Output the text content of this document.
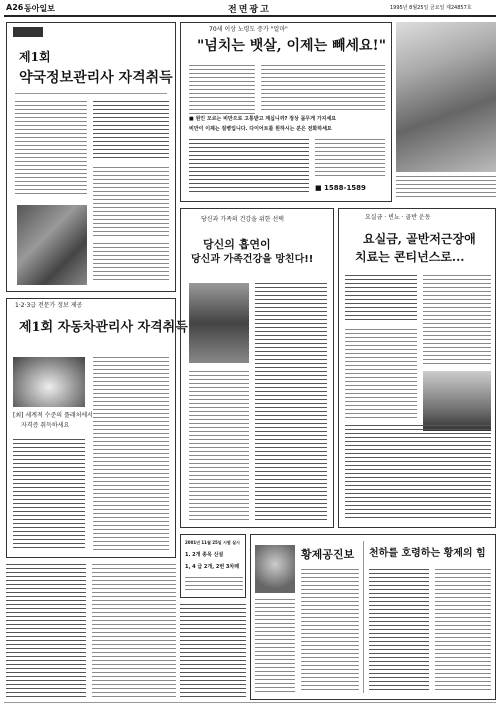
A26 동아일보	전면광고	1995년 8월25일 금요일 제24857호
제1회
약국정보관리사 자격취득
1·2·3급 전문가 정보 제공
제1회 자동차관리사 자격취득
[최] 세계적 수준의 플래처에서
자격증 취득하세요
70세 이상 노령도 증가 "얼마"
"넘치는 뱃살, 이제는 빼세요!"
■ 원인 모르는 비만으로 고통받고 계십니까? 정상 몸무게 가지세요
비만이 이제는 질병입니다. 다이어트를 원하시는 분은 전화하세요
■ 1588-1589
당신과 가족의 건강을 위한 선택
당신의 흡연이
당신과 가족건강을 망친다!!
요실금 · 빈뇨 · 골반 운동
요실금, 골반저근장애
치료는 콘티넌스로...
2001년 11월 25일 시험 실시
1. 2개 종목 신설
1, 4 급 2개, 2번 3차례
황제공진보 천하를 호령하는 황제의 힘
